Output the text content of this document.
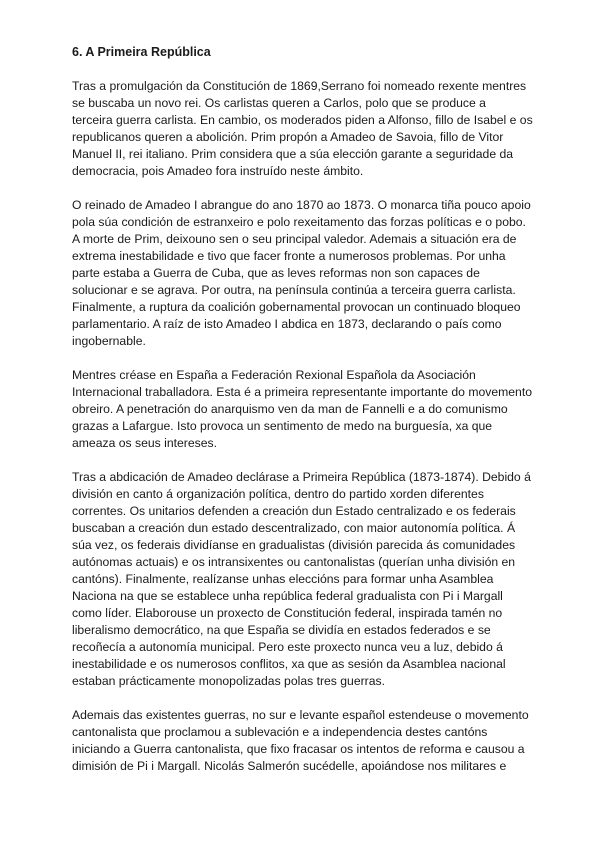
6. A Primeira República
Tras a promulgación da Constitución de 1869,Serrano foi nomeado rexente mentres
se buscaba un novo rei. Os carlistas queren a Carlos, polo que se produce a
terceira guerra carlista. En cambio, os moderados piden a Alfonso, fillo de Isabel e os
republicanos queren a abolición. Prim propón a Amadeo de Savoia, fillo de Vitor
Manuel II, rei italiano. Prim considera que a súa elección garante a seguridade da
democracia, pois Amadeo fora instruído neste ámbito.
O reinado de Amadeo I abrangue do ano 1870 ao 1873. O monarca tiña pouco apoio
pola súa condición de estranxeiro e polo rexeitamento das forzas políticas e o pobo.
A morte de Prim, deixouno sen o seu principal valedor. Ademais a situación era de
extrema inestabilidade e tivo que facer fronte a numerosos problemas. Por unha
parte estaba a Guerra de Cuba, que as leves reformas non son capaces de
solucionar e se agrava. Por outra, na península continúa a terceira guerra carlista.
Finalmente, a ruptura da coalición gobernamental provocan un continuado bloqueo
parlamentario. A raíz de isto Amadeo I abdica en 1873, declarando o país como
ingobernable.
Mentres créase en España a Federación Rexional Española da Asociación
Internacional traballadora. Esta é a primeira representante importante do movemento
obreiro. A penetración do anarquismo ven da man de Fannelli e a do comunismo
grazas a Lafargue. Isto provoca un sentimento de medo na burguesía, xa que
ameaza os seus intereses.
Tras a abdicación de Amadeo declárase a Primeira República (1873-1874). Debido á
división en canto á organización política, dentro do partido xorden diferentes
correntes. Os unitarios defenden a creación dun Estado centralizado e os federais
buscaban a creación dun estado descentralizado, con maior autonomía política. Á
súa vez, os federais dividíanse en gradualistas (división parecida ás comunidades
autónomas actuais) e os intransixentes ou cantonalistas (querían unha división en
cantóns). Finalmente, realízanse unhas eleccións para formar unha Asamblea
Naciona na que se establece unha república federal gradualista con Pi i Margall
como líder. Elaborouse un proxecto de Constitución federal, inspirada tamén no
liberalismo democrático, na que España se dividía en estados federados e se
recoñecía a autonomía municipal. Pero este proxecto nunca veu a luz, debido á
inestabilidade e os numerosos conflitos, xa que as sesión da Asamblea nacional
estaban prácticamente monopolizadas polas tres guerras.
Ademais das existentes guerras, no sur e levante español estendeuse o movemento
cantonalista que proclamou a sublevación e a independencia destes cantóns
iniciando a Guerra cantonalista, que fixo fracasar os intentos de reforma e causou a
dimisión de Pi i Margall. Nicolás Salmerón sucédelle, apoiándose nos militares e
